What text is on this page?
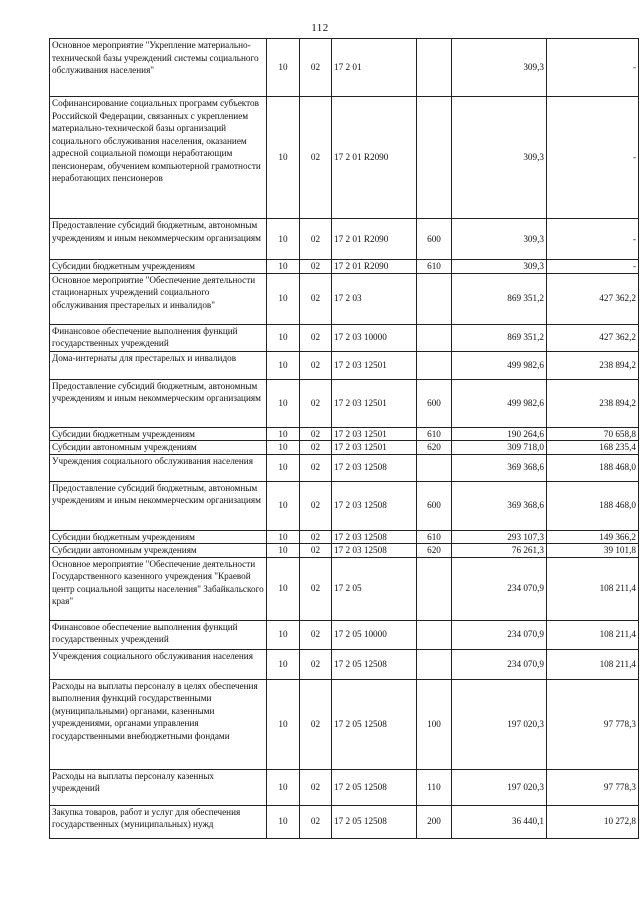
112
Основное мероприятие "Укрепление материально-технической базы учреждений системы социального обслуживания населения"	10	02	17 2 01		309,3	-
Софинансирование социальных программ субъектов Российской Федерации, связанных с укреплением материально-технической базы организаций социального обслуживания населения, оказанием адресной социальной помощи неработающим пенсионерам, обучением компьютерной грамотности неработающих пенсионеров	10	02	17 2 01 R2090		309,3	-
Предоставление субсидий бюджетным, автономным учреждениям и иным некоммерческим организациям	10	02	17 2 01 R2090	600	309,3	-
Субсидии бюджетным учреждениям	10	02	17 2 01 R2090	610	309,3	-
Основное мероприятие "Обеспечение деятельности стационарных учреждений социального обслуживания престарелых и инвалидов"	10	02	17 2 03		869 351,2	427 362,2
Финансовое обеспечение выполнения функций государственных учреждений	10	02	17 2 03 10000		869 351,2	427 362,2
Дома-интернаты для престарелых и инвалидов	10	02	17 2 03 12501		499 982,6	238 894,2
Предоставление субсидий бюджетным, автономным учреждениям и иным некоммерческим организациям	10	02	17 2 03 12501	600	499 982,6	238 894,2
Субсидии бюджетным учреждениям	10	02	17 2 03 12501	610	190 264,6	70 658,8
Субсидии автономным учреждениям	10	02	17 2 03 12501	620	309 718,0	168 235,4
Учреждения социального обслуживания населения	10	02	17 2 03 12508		369 368,6	188 468,0
Предоставление субсидий бюджетным, автономным учреждениям и иным некоммерческим организациям	10	02	17 2 03 12508	600	369 368,6	188 468,0
Субсидии бюджетным учреждениям	10	02	17 2 03 12508	610	293 107,3	149 366,2
Субсидии автономным учреждениям	10	02	17 2 03 12508	620	76 261,3	39 101,8
Основное мероприятие "Обеспечение деятельности Государственного казенного учреждения "Краевой центр социальной защиты населения" Забайкальского края"	10	02	17 2 05		234 070,9	108 211,4
Финансовое обеспечение выполнения функций государственных учреждений	10	02	17 2 05 10000		234 070,9	108 211,4
Учреждения социального обслуживания населения	10	02	17 2 05 12508		234 070,9	108 211,4
Расходы на выплаты персоналу в целях обеспечения выполнения функций государственными (муниципальными) органами, казенными учреждениями, органами управления государственными внебюджетными фондами	10	02	17 2 05 12508	100	197 020,3	97 778,3
Расходы на выплаты персоналу казенных учреждений	10	02	17 2 05 12508	110	197 020,3	97 778,3
Закупка товаров, работ и услуг для обеспечения государственных (муниципальных) нужд	10	02	17 2 05 12508	200	36 440,1	10 272,8
